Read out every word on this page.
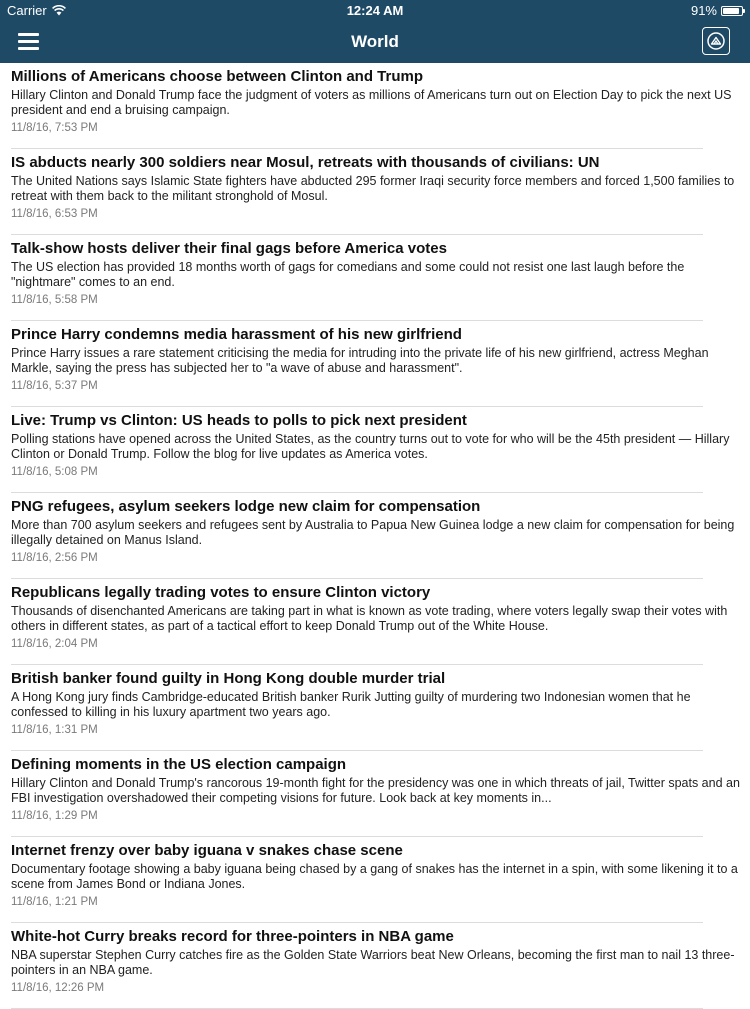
Carrier	12:24 AM	91%
World
Millions of Americans choose between Clinton and Trump
Hillary Clinton and Donald Trump face the judgment of voters as millions of Americans turn out on Election Day to pick the next US president and end a bruising campaign.
11/8/16, 7:53 PM
IS abducts nearly 300 soldiers near Mosul, retreats with thousands of civilians: UN
The United Nations says Islamic State fighters have abducted 295 former Iraqi security force members and forced 1,500 families to retreat with them back to the militant stronghold of Mosul.
11/8/16, 6:53 PM
Talk-show hosts deliver their final gags before America votes
The US election has provided 18 months worth of gags for comedians and some could not resist one last laugh before the "nightmare" comes to an end.
11/8/16, 5:58 PM
Prince Harry condemns media harassment of his new girlfriend
Prince Harry issues a rare statement criticising the media for intruding into the private life of his new girlfriend, actress Meghan Markle, saying the press has subjected her to "a wave of abuse and harassment".
11/8/16, 5:37 PM
Live: Trump vs Clinton: US heads to polls to pick next president
Polling stations have opened across the United States, as the country turns out to vote for who will be the 45th president — Hillary Clinton or Donald Trump. Follow the blog for live updates as America votes.
11/8/16, 5:08 PM
PNG refugees, asylum seekers lodge new claim for compensation
More than 700 asylum seekers and refugees sent by Australia to Papua New Guinea lodge a new claim for compensation for being illegally detained on Manus Island.
11/8/16, 2:56 PM
Republicans legally trading votes to ensure Clinton victory
Thousands of disenchanted Americans are taking part in what is known as vote trading, where voters legally swap their votes with others in different states, as part of a tactical effort to keep Donald Trump out of the White House.
11/8/16, 2:04 PM
British banker found guilty in Hong Kong double murder trial
A Hong Kong jury finds Cambridge-educated British banker Rurik Jutting guilty of murdering two Indonesian women that he confessed to killing in his luxury apartment two years ago.
11/8/16, 1:31 PM
Defining moments in the US election campaign
Hillary Clinton and Donald Trump's rancorous 19-month fight for the presidency was one in which threats of jail, Twitter spats and an FBI investigation overshadowed their competing visions for future. Look back at key moments in...
11/8/16, 1:29 PM
Internet frenzy over baby iguana v snakes chase scene
Documentary footage showing a baby iguana being chased by a gang of snakes has the internet in a spin, with some likening it to a scene from James Bond or Indiana Jones.
11/8/16, 1:21 PM
White-hot Curry breaks record for three-pointers in NBA game
NBA superstar Stephen Curry catches fire as the Golden State Warriors beat New Orleans, becoming the first man to nail 13 three-pointers in an NBA game.
11/8/16, 12:26 PM
